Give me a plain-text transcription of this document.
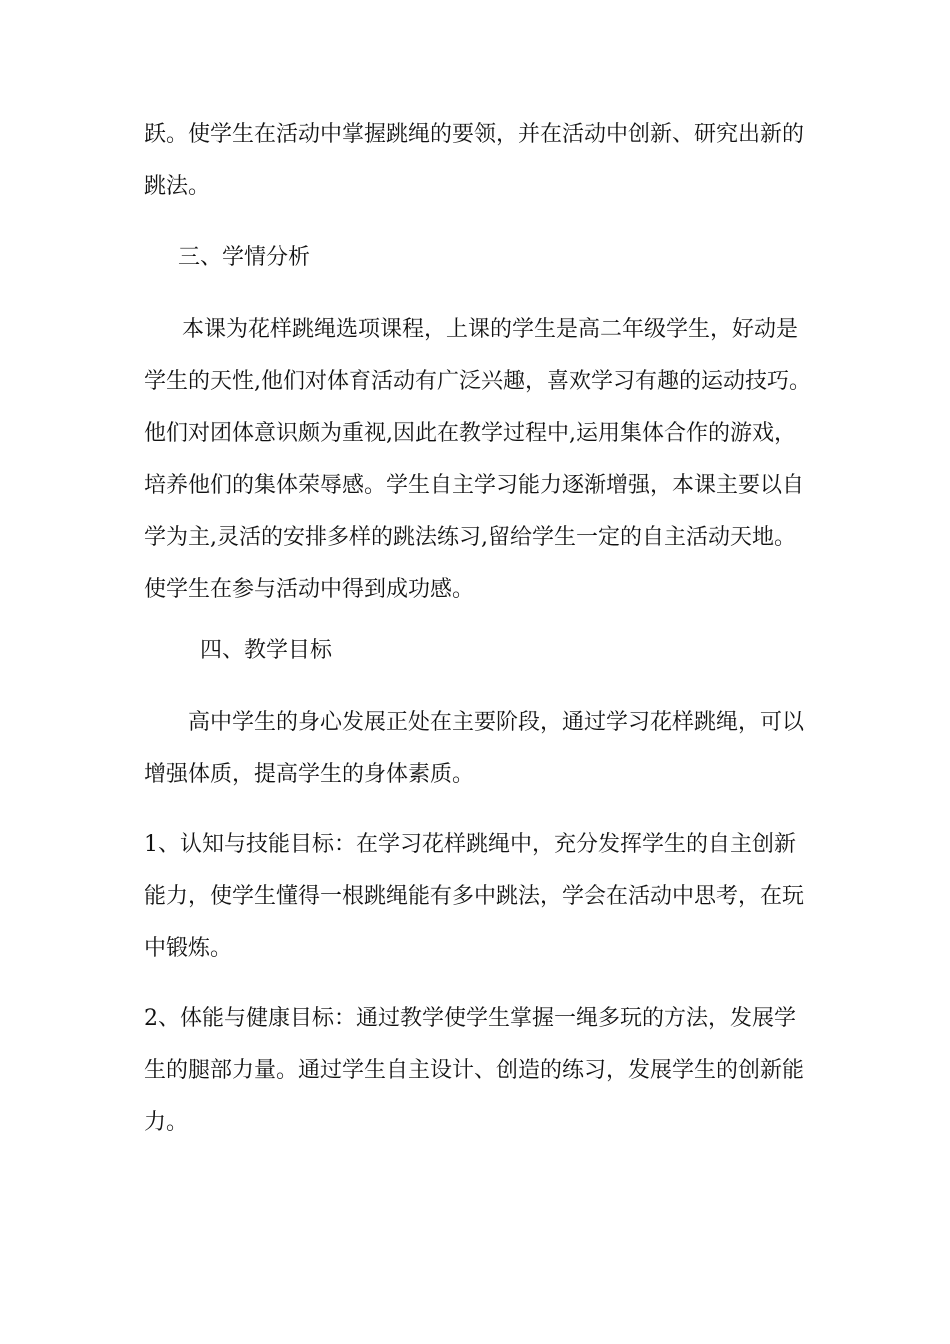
跃。使学生在活动中掌握跳绳的要领，并在活动中创新、研究出新的
跳法。
三、学情分析
本课为花样跳绳选项课程，上课的学生是高二年级学生，好动是
学生的天性,他们对体育活动有广泛兴趣，喜欢学习有趣的运动技巧。
他们对团体意识颇为重视,因此在教学过程中,运用集体合作的游戏，
培养他们的集体荣辱感。学生自主学习能力逐渐增强，本课主要以自
学为主,灵活的安排多样的跳法练习,留给学生一定的自主活动天地。
使学生在参与活动中得到成功感。
四、教学目标
高中学生的身心发展正处在主要阶段，通过学习花样跳绳，可以
增强体质，提高学生的身体素质。
1、认知与技能目标：在学习花样跳绳中，充分发挥学生的自主创新
能力，使学生懂得一根跳绳能有多中跳法，学会在活动中思考，在玩
中锻炼。
2、体能与健康目标：通过教学使学生掌握一绳多玩的方法，发展学
生的腿部力量。通过学生自主设计、创造的练习，发展学生的创新能
力。
